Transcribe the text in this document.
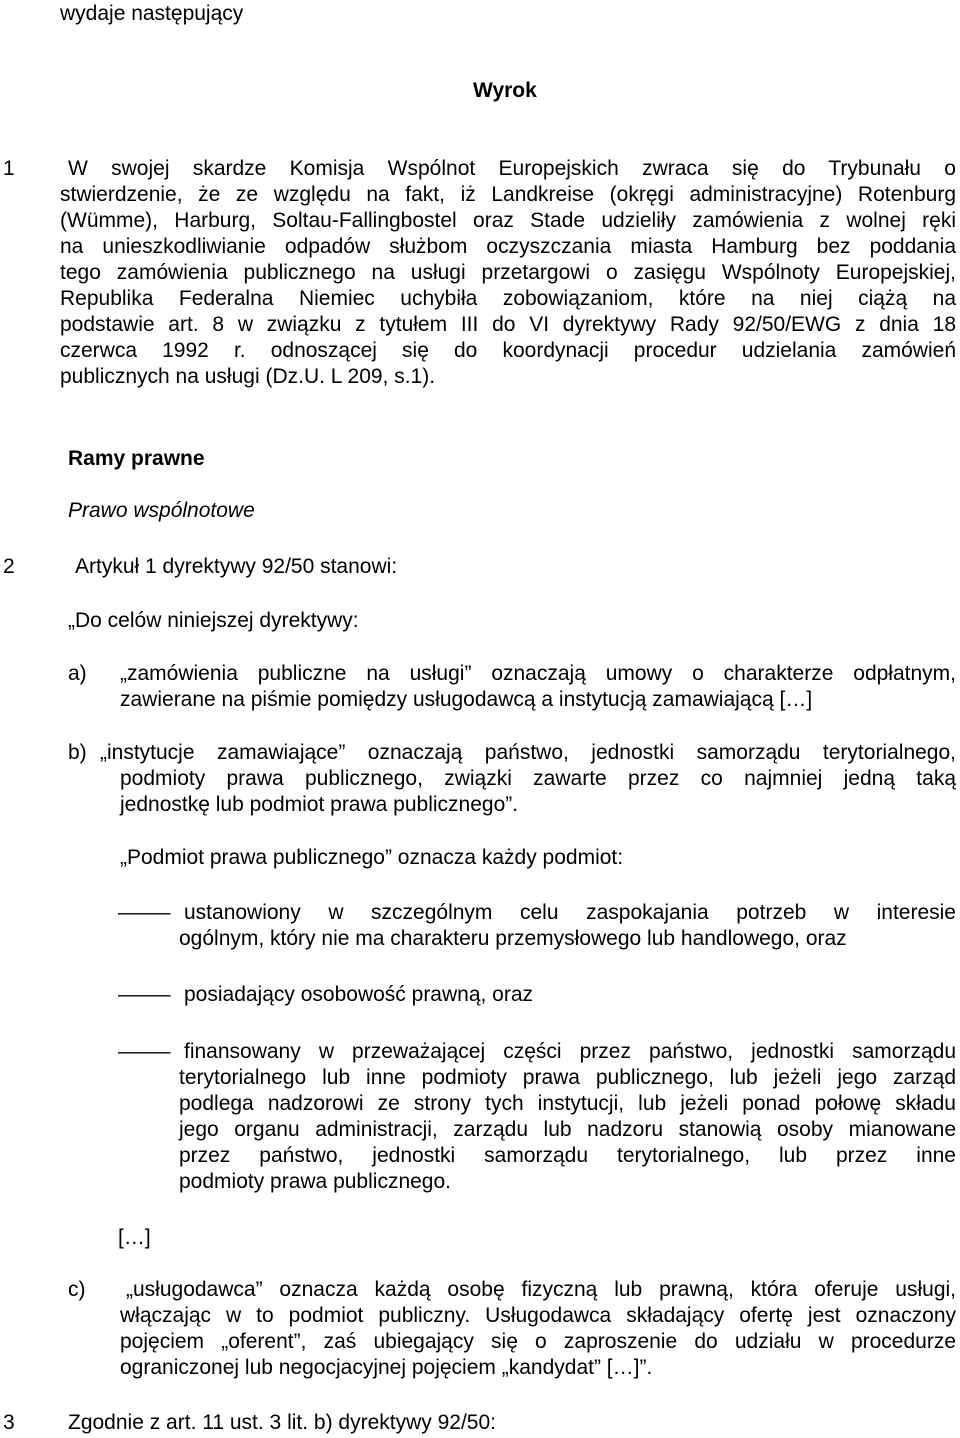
wydaje następujący
Wyrok
1	W swojej skardze Komisja Wspólnot Europejskich zwraca się do Trybunału o
stwierdzenie, że ze względu na fakt, iż Landkreise (okręgi administracyjne) Rotenburg
(Wümme), Harburg, Soltau-Fallingbostel oraz Stade udzieliły zamówienia z wolnej ręki
na unieszkodliwianie odpadów służbom oczyszczania miasta Hamburg bez poddania
tego zamówienia publicznego na usługi przetargowi o zasięgu Wspólnoty Europejskiej,
Republika Federalna Niemiec uchybiła zobowiązaniom, które na niej ciążą na
podstawie art. 8 w związku z tytułem III do VI dyrektywy Rady 92/50/EWG z dnia 18
czerwca 1992 r. odnoszącej się do koordynacji procedur udzielania zamówień
publicznych na usługi (Dz.U. L 209, s.1).
Ramy prawne
Prawo wspólnotowe
2	Artykuł 1 dyrektywy 92/50 stanowi:
„Do celów niniejszej dyrektywy:
a) „zamówienia publiczne na usługi” oznaczają umowy o charakterze odpłatnym,
zawierane na piśmie pomiędzy usługodawcą a instytucją zamawiającą […]
b) „instytucje zamawiające” oznaczają państwo, jednostki samorządu terytorialnego,
podmioty prawa publicznego, związki zawarte przez co najmniej jedną taką
jednostkę lub podmiot prawa publicznego”.
„Podmiot prawa publicznego” oznacza każdy podmiot:
— ustanowiony w szczególnym celu zaspokajania potrzeb w interesie
ogólnym, który nie ma charakteru przemysłowego lub handlowego, oraz
— posiadający osobowość prawną, oraz
— finansowany w przeważającej części przez państwo, jednostki samorządu
terytorialnego lub inne podmioty prawa publicznego, lub jeżeli jego zarząd
podlega nadzorowi ze strony tych instytucji, lub jeżeli ponad połowę składu
jego organu administracji, zarządu lub nadzoru stanowią osoby mianowane
przez państwo, jednostki samorządu terytorialnego, lub przez inne
podmioty prawa publicznego.
[…]
c) „usługodawca” oznacza każdą osobę fizyczną lub prawną, która oferuje usługi,
włączając w to podmiot publiczny. Usługodawca składający ofertę jest oznaczony
pojęciem „oferent”, zaś ubiegający się o zaproszenie do udziału w procedurze
ograniczonej lub negocjacyjnej pojęciem „kandydat” […]”.
3	Zgodnie z art. 11 ust. 3 lit. b) dyrektywy 92/50:
